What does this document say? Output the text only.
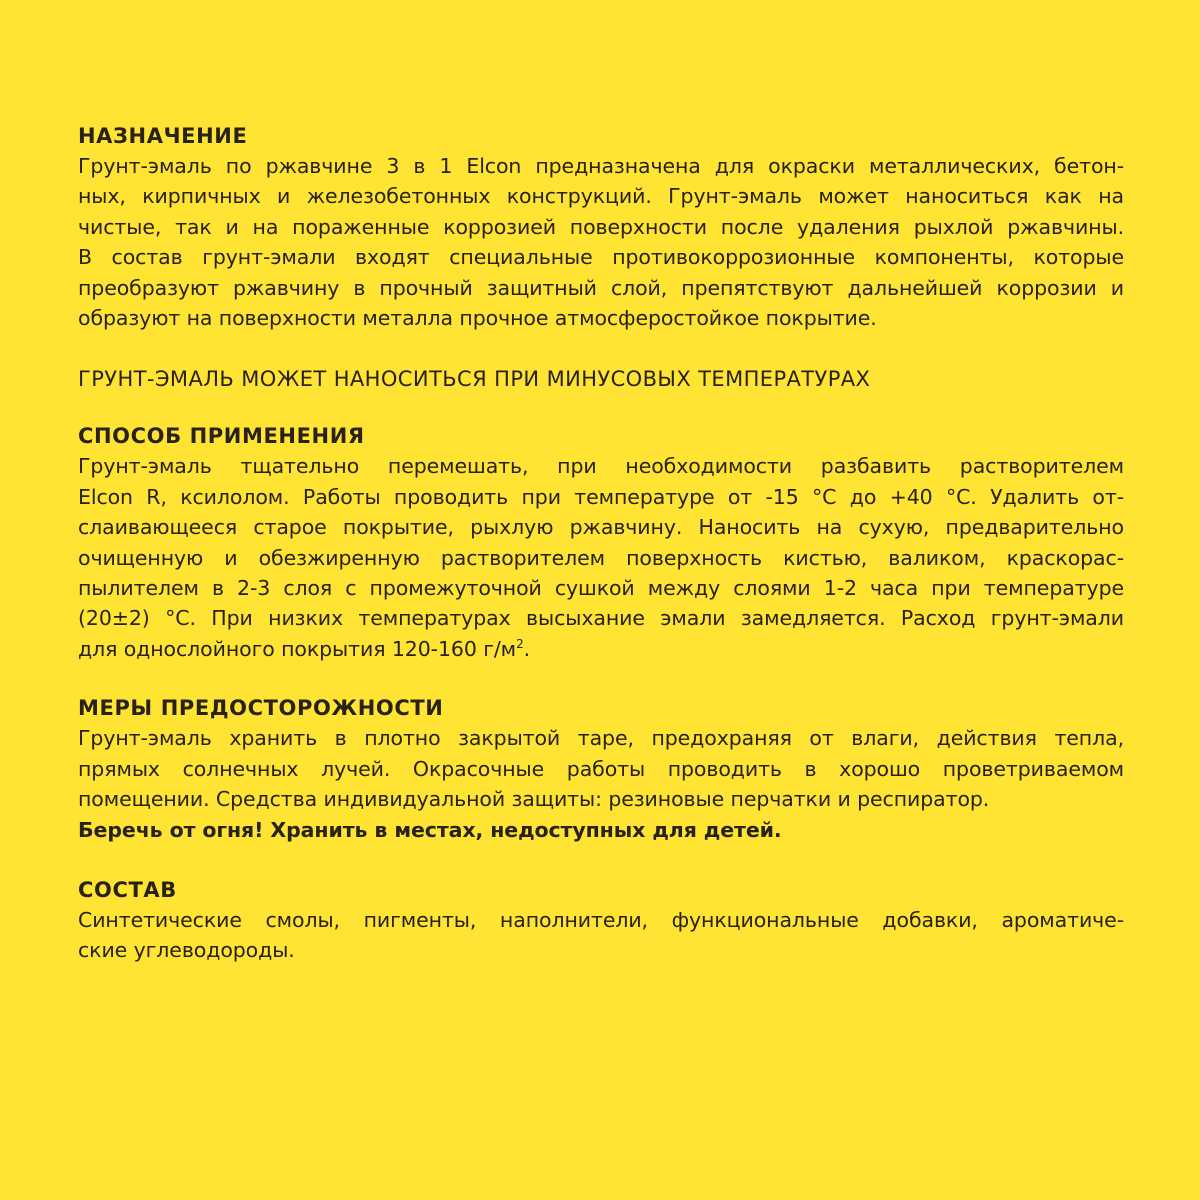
НАЗНАЧЕНИЕ
Грунт-эмаль по ржавчине 3 в 1 Elcon предназначена для окраски металлических, бетон-
ных, кирпичных и железобетонных конструкций. Грунт-эмаль может наноситься как на
чистые, так и на пораженные коррозией поверхности после удаления рыхлой ржавчины.
В состав грунт-эмали входят специальные противокоррозионные компоненты, которые
преобразуют ржавчину в прочный защитный слой, препятствуют дальнейшей коррозии и
образуют на поверхности металла прочное атмосферостойкое покрытие.

ГРУНТ-ЭМАЛЬ МОЖЕТ НАНОСИТЬСЯ ПРИ МИНУСОВЫХ ТЕМПЕРАТУРАХ

СПОСОБ ПРИМЕНЕНИЯ
Грунт-эмаль тщательно перемешать, при необходимости разбавить растворителем
Elcon R, ксилолом. Работы проводить при температуре от -15 °С до +40 °С. Удалить от-
слаивающееся старое покрытие, рыхлую ржавчину. Наносить на сухую, предварительно
очищенную и обезжиренную растворителем поверхность кистью, валиком, краскорас-
пылителем в 2-3 слоя с промежуточной сушкой между слоями 1-2 часа при температуре
(20±2) °С. При низких температурах высыхание эмали замедляется. Расход грунт-эмали
для однослойного покрытия 120-160 $г/м^2$.
МЕРЫ ПРЕДОСТОРОЖНОСТИ
Грунт-эмаль хранить в плотно закрытой таре, предохраняя от влаги, действия тепла,
прямых солнечных лучей. Окрасочные работы проводить в хорошо проветриваемом
помещении. Средства индивидуальной защиты: резиновые перчатки и респиратор.
Беречь от огня! Хранить в местах, недоступных для детей.
СОСТАВ
Синтетические смолы, пигменты, наполнители, функциональные добавки, ароматиче-
ские углеводороды.
